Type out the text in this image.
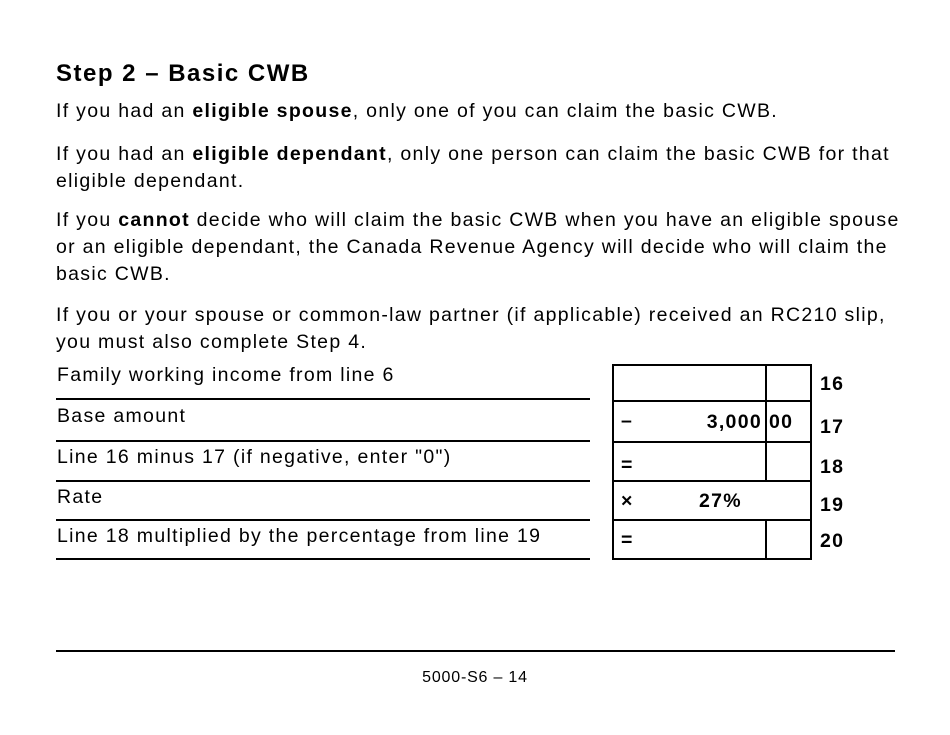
Step 2 – Basic CWB

If you had an eligible spouse, only one of you can claim the basic CWB.

If you had an eligible dependant, only one person can claim the basic CWB for that eligible dependant.

If you cannot decide who will claim the basic CWB when you have an eligible spouse or an eligible dependant, the Canada Revenue Agency will decide who will claim the basic CWB.

If you or your spouse or common-law partner (if applicable) received an RC210 slip, you must also complete Step 4.

Family working income from line 6
Base amount
Line 16 minus 17 (if negative, enter "0")
Rate
Line 18 multiplied by the percentage from line 19
–
=
×
=
3,000 00
27%
16
17
18
19
20
5000-S6 – 14
